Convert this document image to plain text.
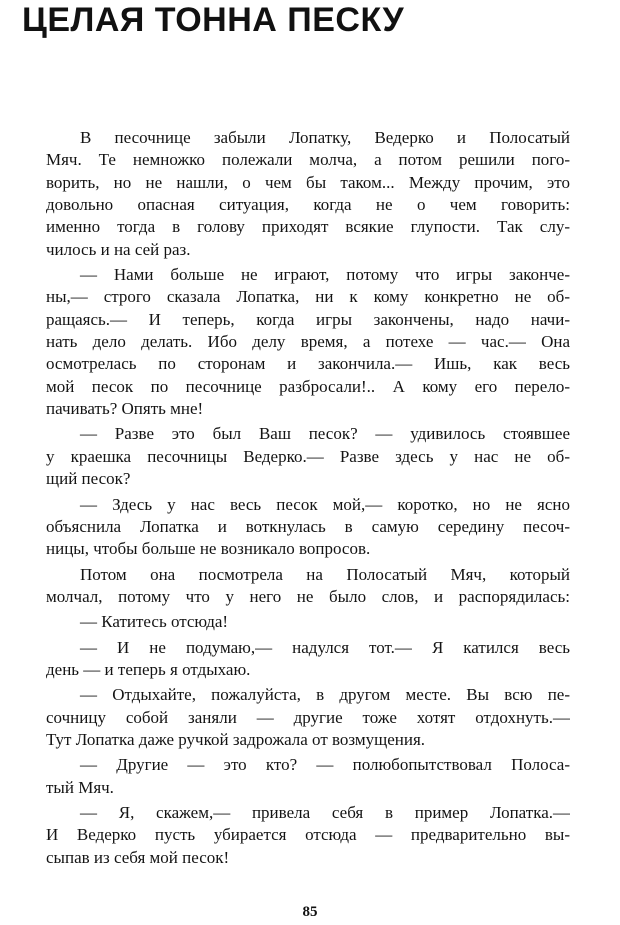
ЦЕЛАЯ ТОННА ПЕСКУ
В песочнице забыли Лопатку, Ведерко и Полосатый
Мяч. Те немножко полежали молча, а потом решили пого-
ворить, но не нашли, о чем бы таком... Между прочим, это
довольно опасная ситуация, когда не о чем говорить:
именно тогда в голову приходят всякие глупости. Так слу-
чилось и на сей раз.
— Нами больше не играют, потому что игры законче-
ны,— строго сказала Лопатка, ни к кому конкретно не об-
ращаясь.— И теперь, когда игры закончены, надо начи-
нать дело делать. Ибо делу время, а потехе — час.— Она
осмотрелась по сторонам и закончила.— Ишь, как весь
мой песок по песочнице разбросали!.. А кому его перело-
пачивать? Опять мне!
— Разве это был Ваш песок? — удивилось стоявшее
у краешка песочницы Ведерко.— Разве здесь у нас не об-
щий песок?
— Здесь у нас весь песок мой,— коротко, но не ясно
объяснила Лопатка и воткнулась в самую середину песоч-
ницы, чтобы больше не возникало вопросов.
Потом она посмотрела на Полосатый Мяч, который
молчал, потому что у него не было слов, и распорядилась:
— Катитесь отсюда!
— И не подумаю,— надулся тот.— Я катился весь
день — и теперь я отдыхаю.
— Отдыхайте, пожалуйста, в другом месте. Вы всю пе-
сочницу собой заняли — другие тоже хотят отдохнуть.—
Тут Лопатка даже ручкой задрожала от возмущения.
— Другие — это кто? — полюбопытствовал Полоса-
тый Мяч.
— Я, скажем,— привела себя в пример Лопатка.—
И Ведерко пусть убирается отсюда — предварительно вы-
сыпав из себя мой песок!
85
